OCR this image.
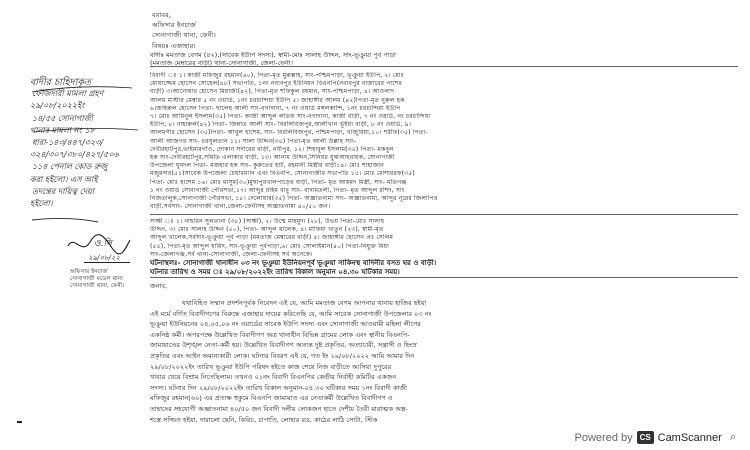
বরাবর,
অফিসার ইনচার্জ
সোনাগাজী থানা, ফেনী।
বিষয়ঃ এজাহার।
বাদীঃ মমতাজ বেগম (৪২),(সাবেক ইউপি সদস্য), স্বামী-মোঃ সালাহ উদ্দিন, সাং-ভূঞুয়া পূর্ব পাড়া
(মমতাজ মেম্বারের বাড়ী) থানা-সোনাগাজী, জেলা-ফেনী।
বিবাদী ঃ ১। কাজী মফিজুর রহমান(৬০), পিতা-মৃত মুরুল্লাহ, সাং-পশ্চিমপাড়া, ভূঞুয়া ইউপি, ২। মোঃ
মোয়াজ্জেম হোসেন সোহেল(৪৮) সভাপতি, ১নং নবাবপুর ইউনিয়ন বিএনপি(নবাবপুর বাজারের পাশের
বাড়ী) ৩।আনোয়ার হোসেন মিয়াজী(৪২), পিতা-মৃত শফিকুল রহমান, সাং-পশ্চিমপাড়া, ৪। আওলাদ
আলম মাস্টার মেম্বার ৫ নং ওয়ার্ড, ১নং চরচান্দিয়া ইউপি ৫। জাহাঙ্গীর আলম (৪২)পিতা-মৃত নুরুল হক
৬।জহিরুল হোসেন পিতা- ছালেহ আলী সাং-বগাদানা, ৭ নং ওয়ার্ড মঙ্গলকান্দি, ১নং চরচান্দিয়া ইউপি
৭। মোঃ আমিনুল ইসলাম(৩৫) পিতা- কাজী আব্দুল লতিফ সাং-বগাদানা, কাজী বাড়ী, ৭ নং ওয়ার্ড, নং চরচান্দিয়া
ইউপি, ৮। বাহারুল(৪২) পিতা- জিন্নাত আলী সাং- বিরলিবিজপুর,আলীখান ভূঁইয়া বাড়ী, ৮ নং ওয়ার্ড, ৯।
আলমগীর হোসেন (৩৫)পিতা- আবুল হাশেম, সাং- বিরলিবিজপুর, পশ্চিমপাড়া, খাজুরিয়া,১০। শরীফ(৩৫) পিতা-
আলী আজগর সাং- চরসুলতান ১১। সালা উদ্দিন(৩৫) পিতা-মৃত আলী উল্লাহ সাং-
দেবীরহাটপুর,ভাইমারগাঁও, দোকান সর্দারের বাড়ী, নবীপুর, ১২। শিহাবুল ইসলাম(৩৫) পিতা- মকবুল
হক সাং-দেবীরহাটপুর,সমিতি এলাকার বাড়ী, ১৩। আনাম উদ্দিন,সিনিয়র যুগ্মআহবায়ক, সোনাগাজী
উপজেলা যুবদল পিতা- মজহার হক সাং- কুরুতের হাট, রহমানী মিস্ত্রীর বাড়ী১৪। মোঃ শাহাজান
মজুমদার(৫১)সাবেক উপজেলা চেয়ারম্যান এবং বিএনপি, সোনাগাজীর সভাপতি ১৫। মোঃ মোশাররফ(৩৫)
পিতা- মোঃ হাশেম ১৬। মোঃ মাসুম(৩০)মুছাপুরখালপাড়ের বাড়ী, পিতা- মৃত আহমদ মিস্ত্রী, সাং- মতিগঞ্জ
১ নং ওয়ার্ড সোনাগাজী পৌরসভা,১৭। আব্দুর রহিম বাবু সাং- বাদামতলী, পিতা- মৃত আব্দুল রশিদ, সাং
নিজতালুক,সোনাগাজী পৌরসভা, ১৮। দেলোয়ার(৩৫) পিতা- অজ্ঞাতনামা সাং- অজ্ঞাতনামা, আব্দুর নূরের জিলাপির
বাড়ী,সর্বসাং- সোনাগাজী থানা,জেলা-ফেনীসহ অজ্ঞাতনামা ৪০/৫০ জন।
সাক্ষী ঃ ১। নাছরিন সুলতানা (৩৮) (সাক্ষী), ২। উম্মে মাহমুদা (২৮), উভয় পিতা-মোঃ সালাহ
উদ্দিন, ৩। মোঃ সালাহ উদ্দিন (৫০), পিতা- আব্দুল মালেক, ৪। মাফিয়া খাতুন (২৩), স্বামী-মৃত
আব্দুল খালেক,সর্বসাং-ভূঞুয়া পূর্ব পাড়া (মমতাজ মেম্বারের বাড়ী) ৫। জাহাঙ্গীর হোসেন প্রঃ সেলিম
(৫৫), পিতা-মৃত আব্দুল হামিদ, সাং-ভূঞুয়া পূর্বপাড়া,৬। মোঃ সোলাইমান(৪০) পিতা-নিযুক্ত মিয়া
সাং-জেলাগঞ্জ,সর্ব থানা-সোনাগাজী, জেলা-ফেনীসহ সর্ব অনেকে।
ঘটনাস্থলঃ- সোনাগাজী থানাধীন ০৩ নং ভূঞুয়া ইউনিয়নপূর্ব ভূঞুয়া সাকিনস্থ বাদিনীর বসত ঘর ও বাড়ী।
ঘটনার তারিখ ও সময় ঃ ২৯/০৮/২০২২ইং তারিখ বিকাল অনুমান ০৪.৩০ ঘটিকার সময়।
জনাব,
যথাবিহিত সম্মান প্রদর্শনপূর্বক নিবেদন এই যে, আমি মমতাজ বেগম আপনার থানায় হাজির হইয়া
এই মর্মে বর্ণিত বিবাদীগণের বিরুদ্ধে এজাহার দায়ের করিতেছি যে, আমি সাবেক সোনাগাজী উপজেলার ০৩ নং
ভূঞুয়া ইউনিয়নের ০৪,০৫,০৬ নং ওয়ার্ডের সাবেক ইউপি সদস্য এবং সোনাগাজী আওয়ামী মহিলা লীগের
একনিষ্ঠ কর্মী। অপরপক্ষে উল্লেখিত বিবাদীগণ অত্র থানাধীন বিভিন্ন গ্রামের লোক এবং স্থানীয় বিএনপি-
জামায়াতের উশৃঙ্খল নেতা-কর্মী হয়। উল্লেখিত বিবাদীগণ অত্যন্ত দুষ্ট প্রকৃতির, অত্যাচারী, সন্ত্রাসী ও হিংস্র
প্রকৃতির এবং আইন অমান্যকারী লোক। ঘটনার বিবরণ এই যে, গত ইং ২৯/০৮/২০২২ আমি আমার দিন
২৯/০৮/২০২২ইং তারিখ ভূঞুয়া ইউপি পরিষদ হইতে কাজ শেষে নিজ বাড়ীতে আসিয়া দুপুরের
খাবার খেয়ে বিশ্রাম নিতেছিলাম। তখনও ০১নং বিবাদী বিএনপির কেন্দ্রীয় নির্বাহী কমিটির একজন
সদস্য। ঘটনার দিন ২৯/০৮/২০২২ইং তারিখ বিকাল অনুমান-০৪.৩০ ঘটিকার সময় ১নং বিবাদী কাজী
মফিজুর রহমান(৬০) এর প্রত্যক্ষ হুকুমে বিএনপি জামায়াত এর নেতাকর্মী উল্লেখিত বিবাদীগণ ও
তাহাদের সহযোগী অজ্ঞাতনামা ৪০/৫০ জন বিবাদী দলীয় লোকজন হাতে দেশীয় তৈরী মারাত্মক অস্ত্র-
শস্ত্রে সজ্জিত হইয়া, দারালো ছেনি, কিরিচ, চাপাতি, লোহার রড, কাঠের লাঠি সোটা, স্টিক
বাদীর চাহিদাকৃত
ফৌজদারী মামলা গ্রহণ
২৯/০৮/২০২২ইং
১৪/৫৫ সোনাগাজী
থানার মামলা নং ১৮
ধারা-১৪৩/৪৪৭/৩২৩/
৩২৪/৩০৭/৩৮০/৪২৭/৫০৬
১১৪ পেনাল কোড রুজু
করা হইলো। এস আই
তদন্তের দায়িত্ব দেয়া
হইলো।
ও.সি
২৯/০৮/২২
অফিসার ইনচার্জ
সোনাগাজী মডেল থানা
সোনাগাজী থানা, ফেনী।
Powered by CS CamScanner ⌕
